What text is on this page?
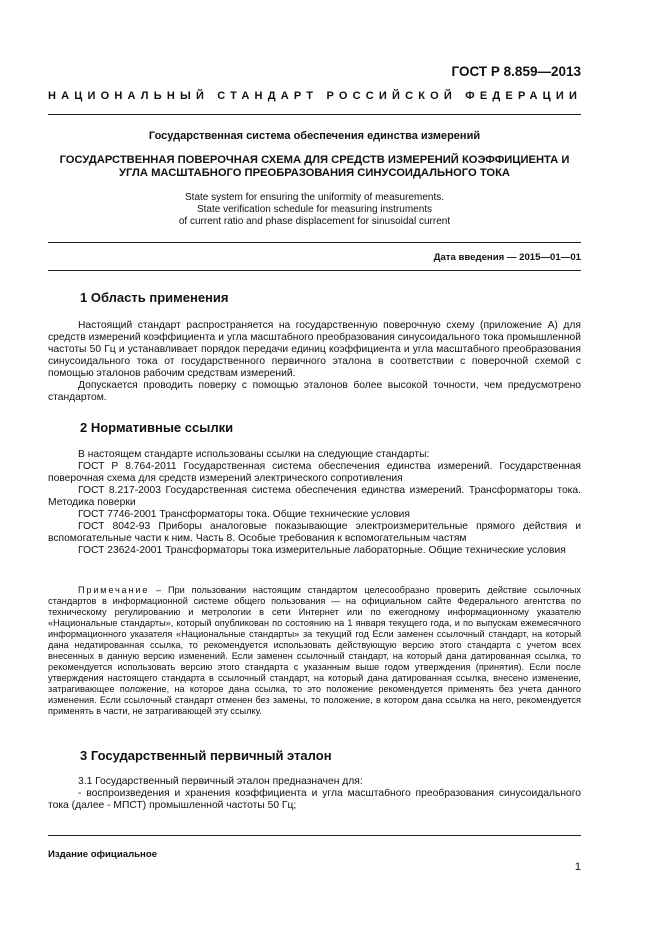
ГОСТ Р 8.859—2013
НАЦИОНАЛЬНЫЙ СТАНДАРТ РОССИЙСКОЙ ФЕДЕРАЦИИ
Государственная система обеспечения единства измерений
ГОСУДАРСТВЕННАЯ ПОВЕРОЧНАЯ СХЕМА ДЛЯ СРЕДСТВ ИЗМЕРЕНИЙ КОЭФФИЦИЕНТА И
УГЛА МАСШТАБНОГО ПРЕОБРАЗОВАНИЯ СИНУСОИДАЛЬНОГО ТОКА
State system for ensuring the uniformity of measurements.
State verification schedule for measuring instruments
of current ratio and phase displacement for sinusoidal current
Дата введения — 2015—01—01
1 Область применения

Настоящий стандарт распространяется на государственную поверочную схему (приложение А) для средств измерений коэффициента и угла масштабного преобразования синусоидального тока промышленной частоты 50 Гц и устанавливает порядок передачи единиц коэффициента и угла масштабного преобразования синусоидального тока от государственного первичного эталона в соответствии с поверочной схемой с помощью эталонов рабочим средствам измерений.

Допускается проводить поверку с помощью эталонов более высокой точности, чем предусмотрено стандартом.

2 Нормативные ссылки

В настоящем стандарте использованы ссылки на следующие стандарты:

ГОСТ Р 8.764-2011 Государственная система обеспечения единства измерений. Государственная поверочная схема для средств измерений электрического сопротивления

ГОСТ 8.217-2003 Государственная система обеспечения единства измерений. Трансформаторы тока. Методика поверки

ГОСТ 7746-2001 Трансформаторы тока. Общие технические условия

ГОСТ 8042-93 Приборы аналоговые показывающие электроизмерительные прямого действия и вспомогательные части к ним. Часть 8. Особые требования к вспомогательным частям

ГОСТ 23624-2001 Трансформаторы тока измерительные лабораторные. Общие технические условия

Примечание – При пользовании настоящим стандартом целесообразно проверить действие ссылочных стандартов в информационной системе общего пользования — на официальном сайте Федерального агентства по техническому регулированию и метрологии в сети Интернет или по ежегодному информационному указателю «Национальные стандарты», который опубликован по состоянию на 1 января текущего года, и по выпускам ежемесячного информационного указателя «Национальные стандарты» за текущий год Если заменен ссылочный стандарт, на который дана недатированная ссылка, то рекомендуется использовать действующую версию этого стандарта с учетом всех внесенных в данную версию изменений. Если заменен ссылочный стандарт, на который дана датированная ссылка, то рекомендуется использовать версию этого стандарта с указанным выше годом утверждения (принятия). Если после утверждения настоящего стандарта в ссылочный стандарт, на который дана датированная ссылка, внесено изменение, затрагивающее положение, на которое дана ссылка, то это положение рекомендуется применять без учета данного изменения. Если ссылочный стандарт отменен без замены, то положение, в котором дана ссылка на него, рекомендуется применять в части, не затрагивающей эту ссылку.

3 Государственный первичный эталон

3.1 Государственный первичный эталон предназначен для:

- воспроизведения и хранения коэффициента и угла масштабного преобразования синусоидального тока (далее - МПСТ) промышленной частоты 50 Гц;

Издание официальное
1
